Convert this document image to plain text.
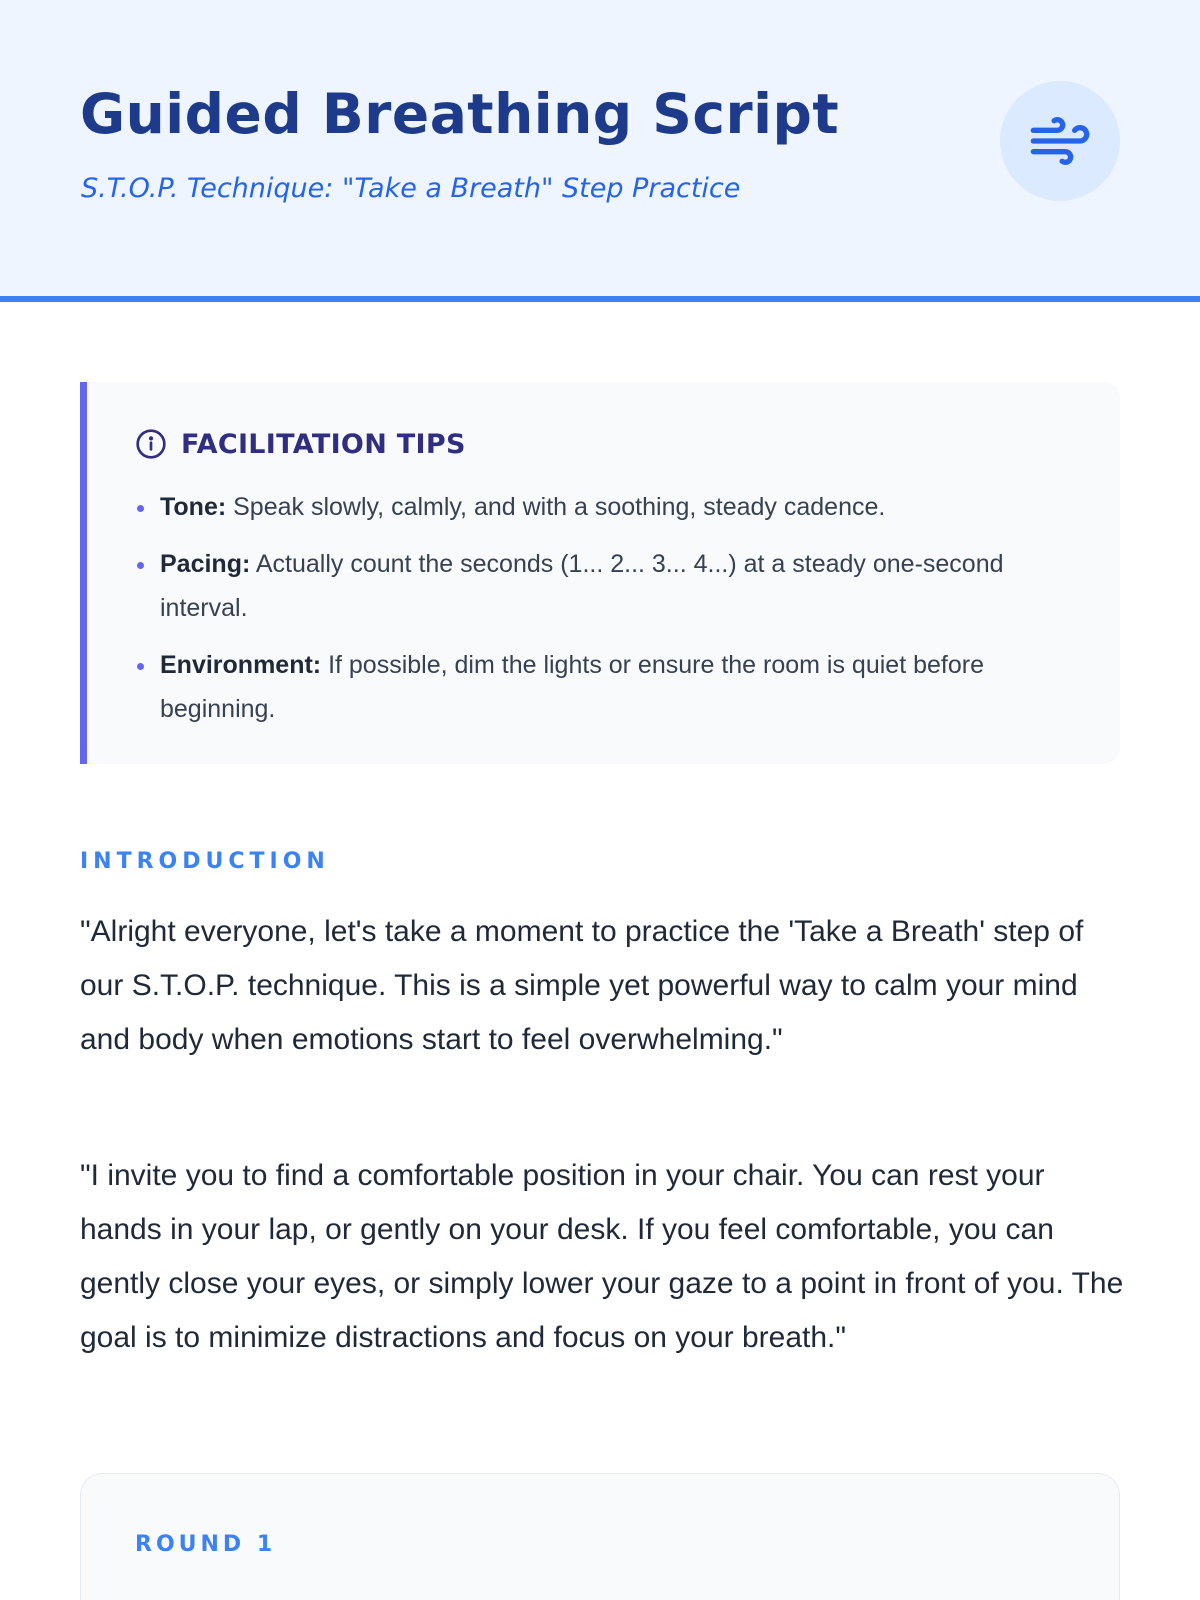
Guided Breathing Script
S.T.O.P. Technique: "Take a Breath" Step Practice
FACILITATION TIPS
Tone: Speak slowly, calmly, and with a soothing, steady cadence.
Pacing: Actually count the seconds (1... 2... 3... 4...) at a steady one-second interval.
Environment: If possible, dim the lights or ensure the room is quiet before beginning.
INTRODUCTION

"Alright everyone, let's take a moment to practice the 'Take a Breath' step of our S.T.O.P. technique. This is a simple yet powerful way to calm your mind and body when emotions start to feel overwhelming."

"I invite you to find a comfortable position in your chair. You can rest your hands in your lap, or gently on your desk. If you feel comfortable, you can gently close your eyes, or simply lower your gaze to a point in front of you. The goal is to minimize distractions and focus on your breath."

ROUND 1
